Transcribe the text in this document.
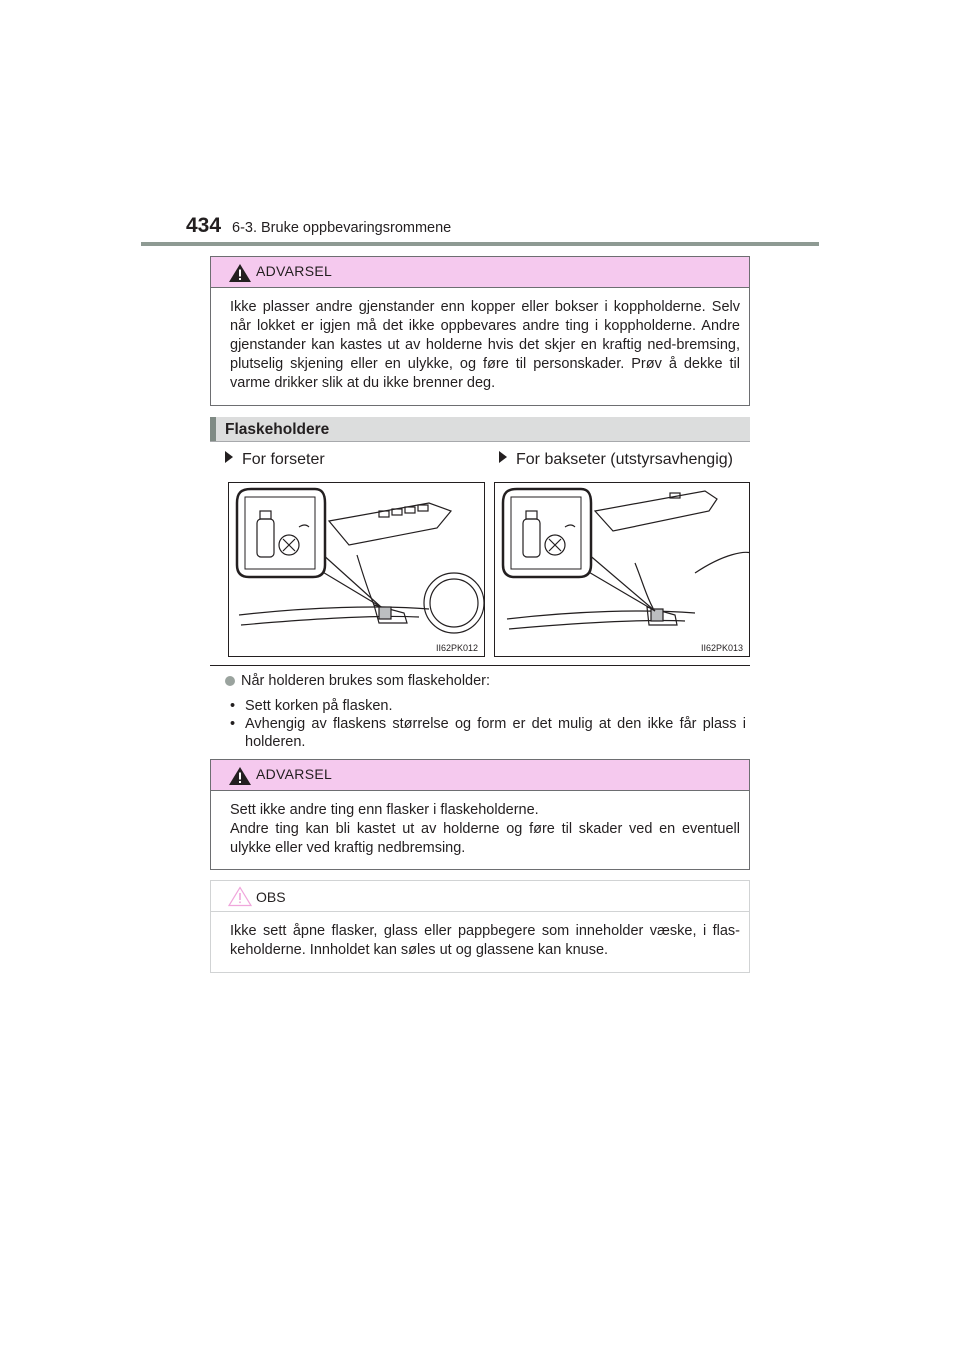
434 6-3. Bruke oppbevaringsrommene
ADVARSEL

Ikke plasser andre gjenstander enn kopper eller bokser i koppholderne. Selv når lokket er igjen må det ikke oppbevares andre ting i koppholderne. Andre gjenstander kan kastes ut av holderne hvis det skjer en kraftig ned-bremsing, plutselig skjening eller en ulykke, og føre til personskader. Prøv å dekke til varme drikker slik at du ikke brenner deg.

Flaskeholdere
For forseter	For bakseter (utstyrsavhengig)
II62PK012	II62PK013
Når holderen brukes som flaskeholder:
• Sett korken på flasken.
• Avhengig av flaskens størrelse og form er det mulig at den ikke får plass i holderen.
ADVARSEL

Sett ikke andre ting enn flasker i flaskeholderne.

Andre ting kan bli kastet ut av holderne og føre til skader ved en eventuell ulykke eller ved kraftig nedbremsing.

OBS

Ikke sett åpne flasker, glass eller pappbegere som inneholder væske, i flas-keholderne. Innholdet kan søles ut og glassene kan knuse.
